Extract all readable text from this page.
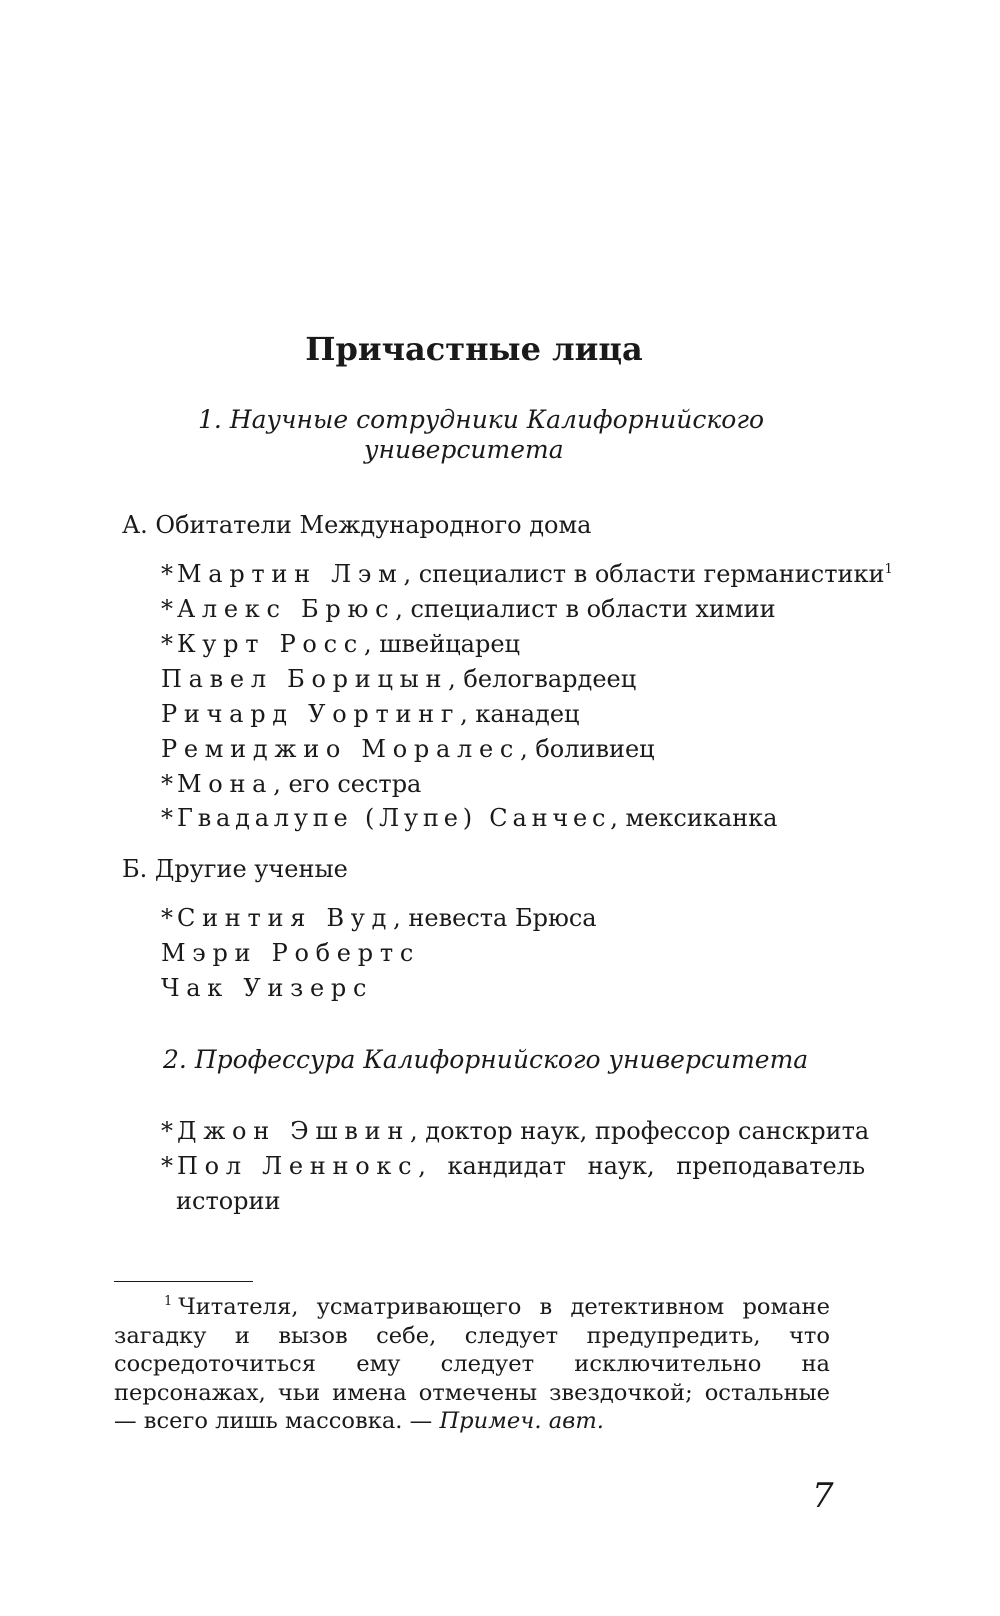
Причастные лица
1. Научные сотрудники Калифорнийского
университета
А. Обитатели Международного дома
* Мартин Лэм, специалист в области германистики$^1$
* Алекс Брюс, специалист в области химии
* Курт Росс, швейцарец
Павел Борицын, белогвардеец
Ричард Уортинг, канадец
Ремиджио Моралес, боливиец
* Мона, его сестра
* Гвадалупе (Лупе) Санчес, мексиканка
Б. Другие ученые
* Синтия Вуд, невеста Брюса
Мэри Робертс
Чак Уизерс
2. Профессура Калифорнийского университета
* Джон Эшвин, доктор наук, профессор санскрита
* Пол Леннокс, кандидат наук, преподаватель
истории
$^1$ Читателя, усматривающего в детективном романе загадку и вызов себе, следует предупредить, что сосредоточиться ему следует исключительно на персонажах, чьи имена отмечены звездочкой; остальные — всего лишь массовка. — Примеч. авт.
7
